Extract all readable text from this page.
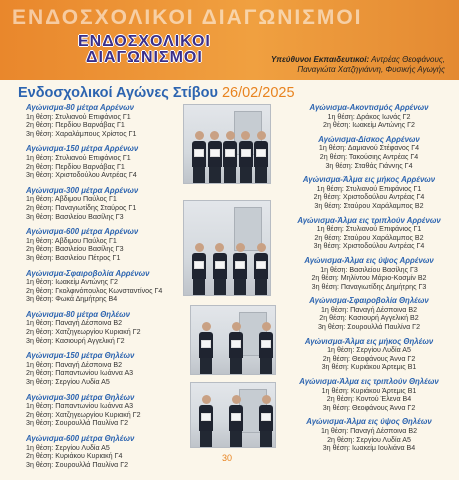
ΕΝΔΟΣΧΟΛΙΚΟΙ ΔΙΑΓΩΝΙΣΜΟΙ
ΕΝΔΟΣΧΟΛΙΚΟΙ
ΔΙΑΓΩΝΙΣΜΟΙ	Υπεύθυνοι Εκπαιδευτικοί: Αντρέας Θεοφάνους,
Παναγιώτα Χατζηγιάννη, Φυσικής Αγωγής
Ενδοσχολικοί Αγώνες Στίβου 26/02/2025
Αγώνισμα-80 μέτρα Αρρένων
1η θέση: Στυλιανού Επιφάνιος Γ1
2η θέση: Περδίου Βαρνάβας Γ1
3η θέση: Χαραλάμπους Χρίστος Γ1
Αγώνισμα-150 μέτρα Αρρένων
1η θέση: Στυλιανού Επιφάνιος Γ1
2η θέση: Περδίου Βαρνάβας Γ1
3η θέση: Χριστοδούλου Αντρέας Γ4
Αγώνισμα-300 μέτρα Αρρένων
1η θέση: Αβδιμου Παύλος Γ1
2η θέση: Παναγιωτίδης Σταύρος Γ1
3η θέση: Βασιλείου Βασίλης Γ3
Αγώνισμα-600 μέτρα Αρρένων
1η θέση: Αβδιμου Παύλος Γ1
2η θέση: Βασιλείου Βασίλης Γ3
3η θέση: Βασιλείου Πέτρος Γ1
Αγώνισμα-Σφαιροβολία Αρρένων
1η θέση: Ιωακείμ Αντώνης Γ2
2η θέση: Γκολφινόπουλος Κωνσταντίνος Γ4
3η θέση: Φωκά Δημήτρης Β4
Αγώνισμα-80 μέτρα Θηλέων
1η θέση: Παναγή Δέσποινα Β2
2η θέση: Χατζηγεωργίου Κυριακή Γ2
3η θέση: Κασιουρή Αγγελική Γ2
Αγώνισμα-150 μέτρα Θηλέων
1η θέση: Παναγή Δέσποινα Β2
2η θέση: Παπαντωνίου Ιωάννα Α3
3η θέση: Σεργίου Λυδία Α5
Αγώνισμα-300 μέτρα Θηλέων
1η θέση: Παπαντωνίου Ιωάννα Α3
2η θέση: Χατζηγεωργίου Κυριακή Γ2
3η θέση: Σουρουλλά Παυλίνα Γ2
Αγώνισμα-600 μέτρα Θηλέων
1η θέση: Σεργίου Λυδία Α5
2η θέση: Κυριάκου Κυριακή Γ4
3η θέση: Σουρουλλά Παυλίνα Γ2
Αγώνισμα-Ακοντισμός Αρρένων
1η θέση: Δράκος Ιωνάς Γ2
2η θέση: Ιωακείμ Αντώνης Γ2
Αγώνισμα-Δίσκος Αρρένων
1η θέση: Δαμιανού Στέφανος Γ4
2η θέση: Τακούσιης Αντρέας Γ4
3η θέση: Σταθάς Γιάννης Γ4
Αγώνισμα-Άλμα εις μήκος Αρρένων
1η θέση: Στυλιανού Επιφάνιος Γ1
2η θέση: Χριστοδούλου Αντρέας Γ4
3η θέση: Σταύρου Χαράλαμπος Β2
Αγώνισμα-Άλμα εις τριπλούν Αρρένων
1η θέση: Στυλιανού Επιφάνιος Γ1
2η θέση: Σταύρου Χαράλαμπος Β2
3η θέση: Χριστοδούλου Αντρέας Γ4
Αγώνισμα-Άλμα εις ύψος Αρρένων
1η θέση: Βασιλείου Βασίλης Γ3
2η θέση: Μηλίντου Μάριο-Κοσμίν Β2
3η θέση: Παναγιωτίδης Δημήτρης Γ3
Αγώνισμα-Σφαιροβολία Θηλέων
1η θέση: Παναγή Δέσποινα Β2
2η θέση: Κασιουρή Αγγελική Β2
3η θέση: Σουρουλλά Παυλίνα Γ2
Αγώνισμα-Άλμα εις μήκος Θηλέων
1η θέση: Σεργίου Λυδία Α5
2η θέση: Θεοφάνους Άννα Γ2
3η θέση: Κυριάκου Άρτεμις Β1
Αγώνισμα-Άλμα εις τριπλούν Θηλέων
1η θέση: Κυριάκου Άρτεμις Β1
2η θέση: Κοντού Έλενα Β4
3η θέση: Θεοφάνους Άννα Γ2
Αγώνισμα-Άλμα εις ύψος Θηλέων
1η θέση: Παναγή Δέσποινα Β2
2η θέση: Σεργίου Λυδία Α5
3η θέση: Ιωακείμ Ιουλιάνα Β4
30
